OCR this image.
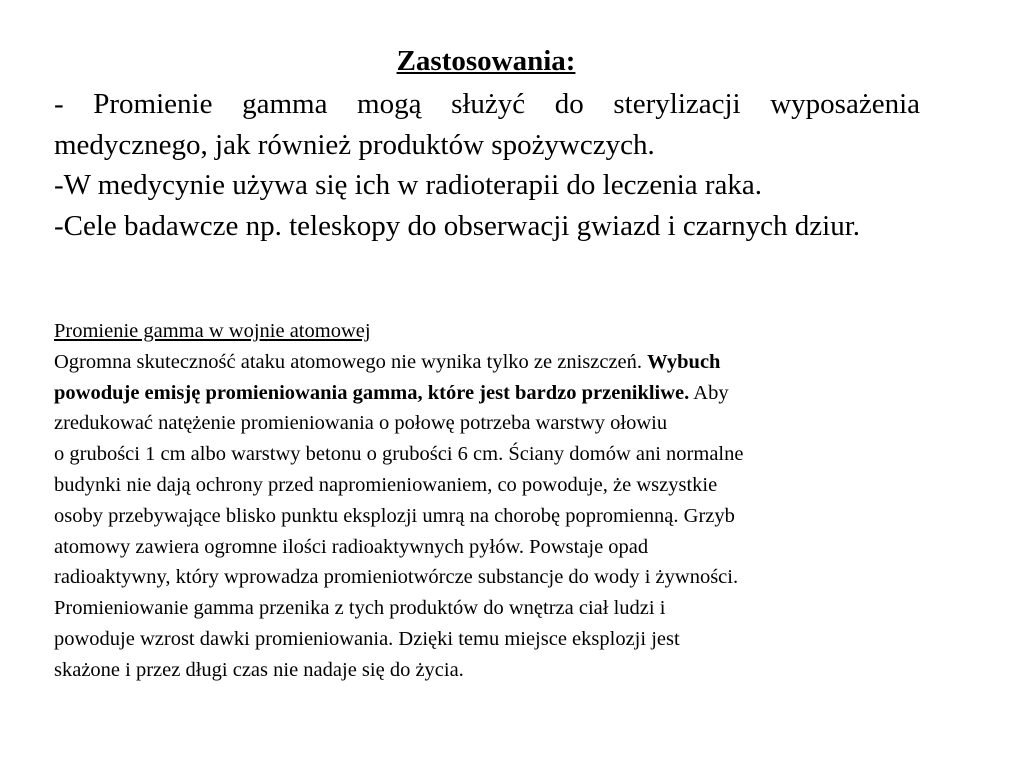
Zastosowania:

- Promienie gamma mogą służyć do sterylizacji wyposażenia medycznego, jak również produktów spożywczych.

-W medycynie używa się ich w radioterapii do leczenia raka.

-Cele badawcze np. teleskopy do obserwacji gwiazd i czarnych dziur.

Promienie gamma w wojnie atomowej

Ogromna skuteczność ataku atomowego nie wynika tylko ze zniszczeń. Wybuch
powoduje emisję promieniowania gamma, które jest bardzo przenikliwe. Aby
zredukować natężenie promieniowania o połowę potrzeba warstwy ołowiu
o grubości 1 cm albo warstwy betonu o grubości 6 cm. Ściany domów ani normalne
budynki nie dają ochrony przed napromieniowaniem, co powoduje, że wszystkie
osoby przebywające blisko punktu eksplozji umrą na chorobę popromienną. Grzyb
atomowy zawiera ogromne ilości radioaktywnych pyłów. Powstaje opad
radioaktywny, który wprowadza promieniotwórcze substancje do wody i żywności.
Promieniowanie gamma przenika z tych produktów do wnętrza ciał ludzi i
powoduje wzrost dawki promieniowania. Dzięki temu miejsce eksplozji jest
skażone i przez długi czas nie nadaje się do życia.
